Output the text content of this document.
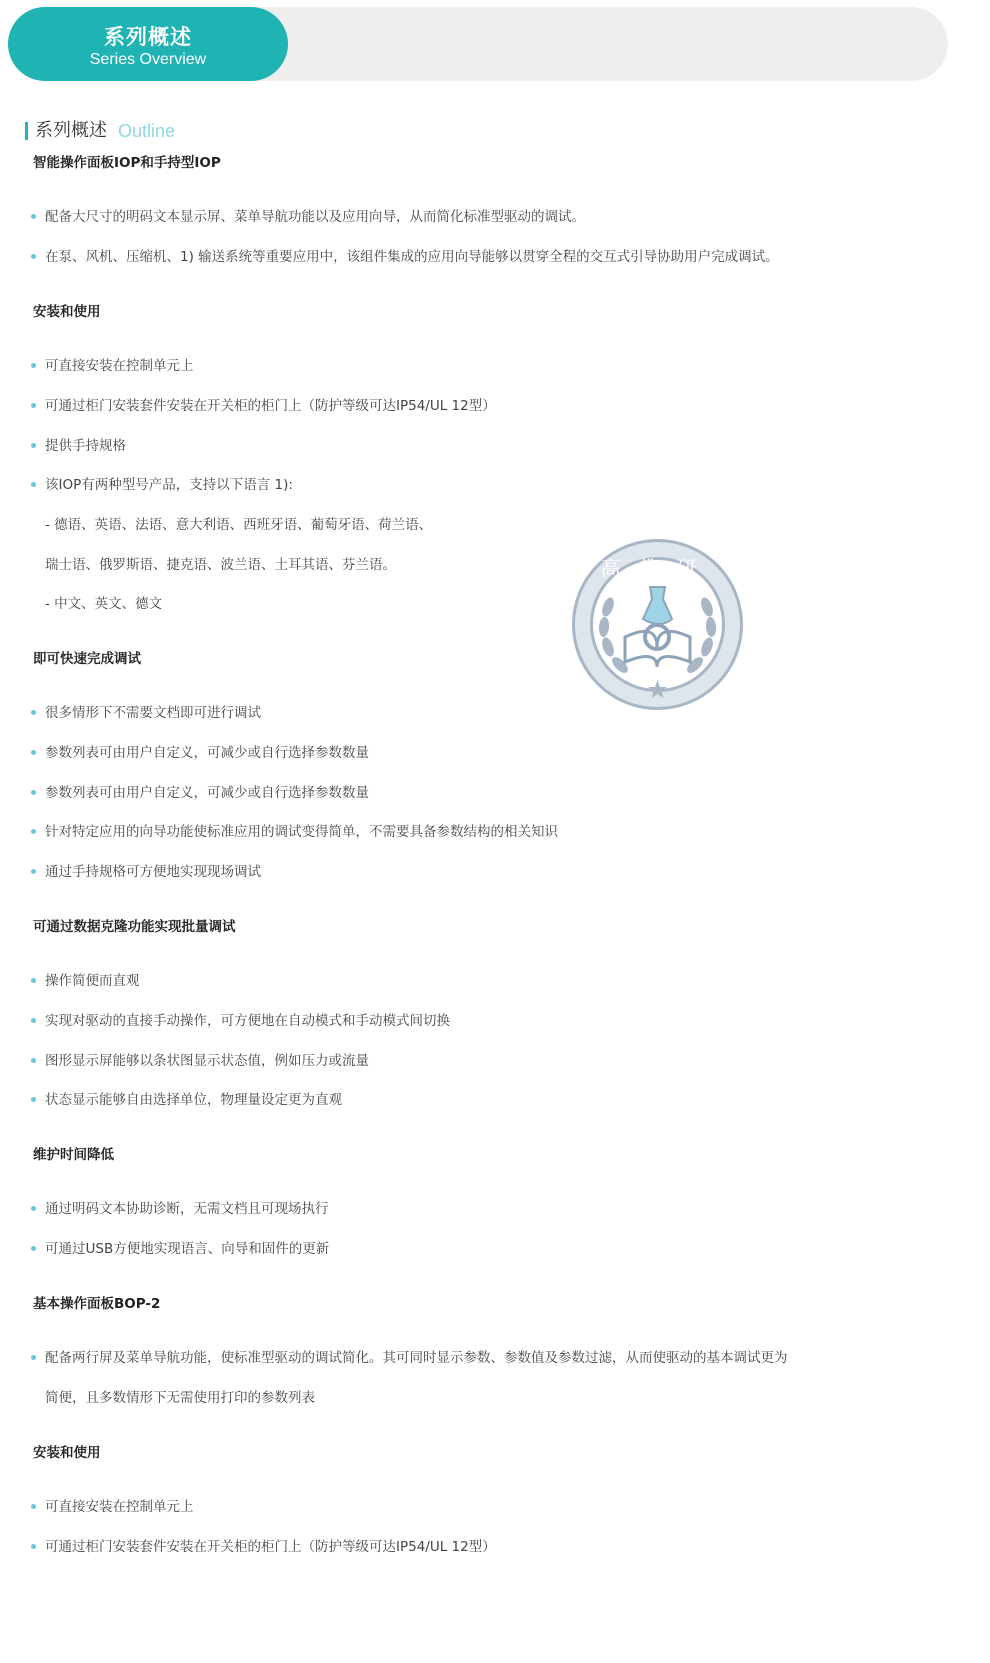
系列概述
Series Overview
系列概述 Outline
智能操作面板IOP和手持型IOP
配备大尺寸的明码文本显示屏、菜单导航功能以及应用向导，从而简化标准型驱动的调试。
在泵、风机、压缩机、1) 输送系统等重要应用中，该组件集成的应用向导能够以贯穿全程的交互式引导协助用户完成调试。
安装和使用
可直接安装在控制单元上
可通过柜门安装套件安装在开关柜的柜门上（防护等级可达IP54/UL 12型）
提供手持规格
该IOP有两种型号产品，支持以下语言 1):
- 德语、英语、法语、意大利语、西班牙语、葡萄牙语、荷兰语、
瑞士语、俄罗斯语、捷克语、波兰语、土耳其语、芬兰语。
- 中文、英文、德文
即可快速完成调试
很多情形下不需要文档即可进行调试
参数列表可由用户自定义，可减少或自行选择参数数量
参数列表可由用户自定义，可减少或自行选择参数数量
针对特定应用的向导功能使标准应用的调试变得简单，不需要具备参数结构的相关知识
通过手持规格可方便地实现现场调试
可通过数据克隆功能实现批量调试
操作简便而直观
实现对驱动的直接手动操作，可方便地在自动模式和手动模式间切换
图形显示屏能够以条状图显示状态值，例如压力或流量
状态显示能够自由选择单位，物理量设定更为直观
维护时间降低
通过明码文本协助诊断，无需文档且可现场执行
可通过USB方便地实现语言、向导和固件的更新
基本操作面板BOP-2
配备两行屏及菜单导航功能，使标准型驱动的调试简化。其可同时显示参数、参数值及参数过滤，从而使驱动的基本调试更为
简便，且多数情形下无需使用打印的参数列表
安装和使用
可直接安装在控制单元上
可通过柜门安装套件安装在开关柜的柜门上（防护等级可达IP54/UL 12型）
高教研
